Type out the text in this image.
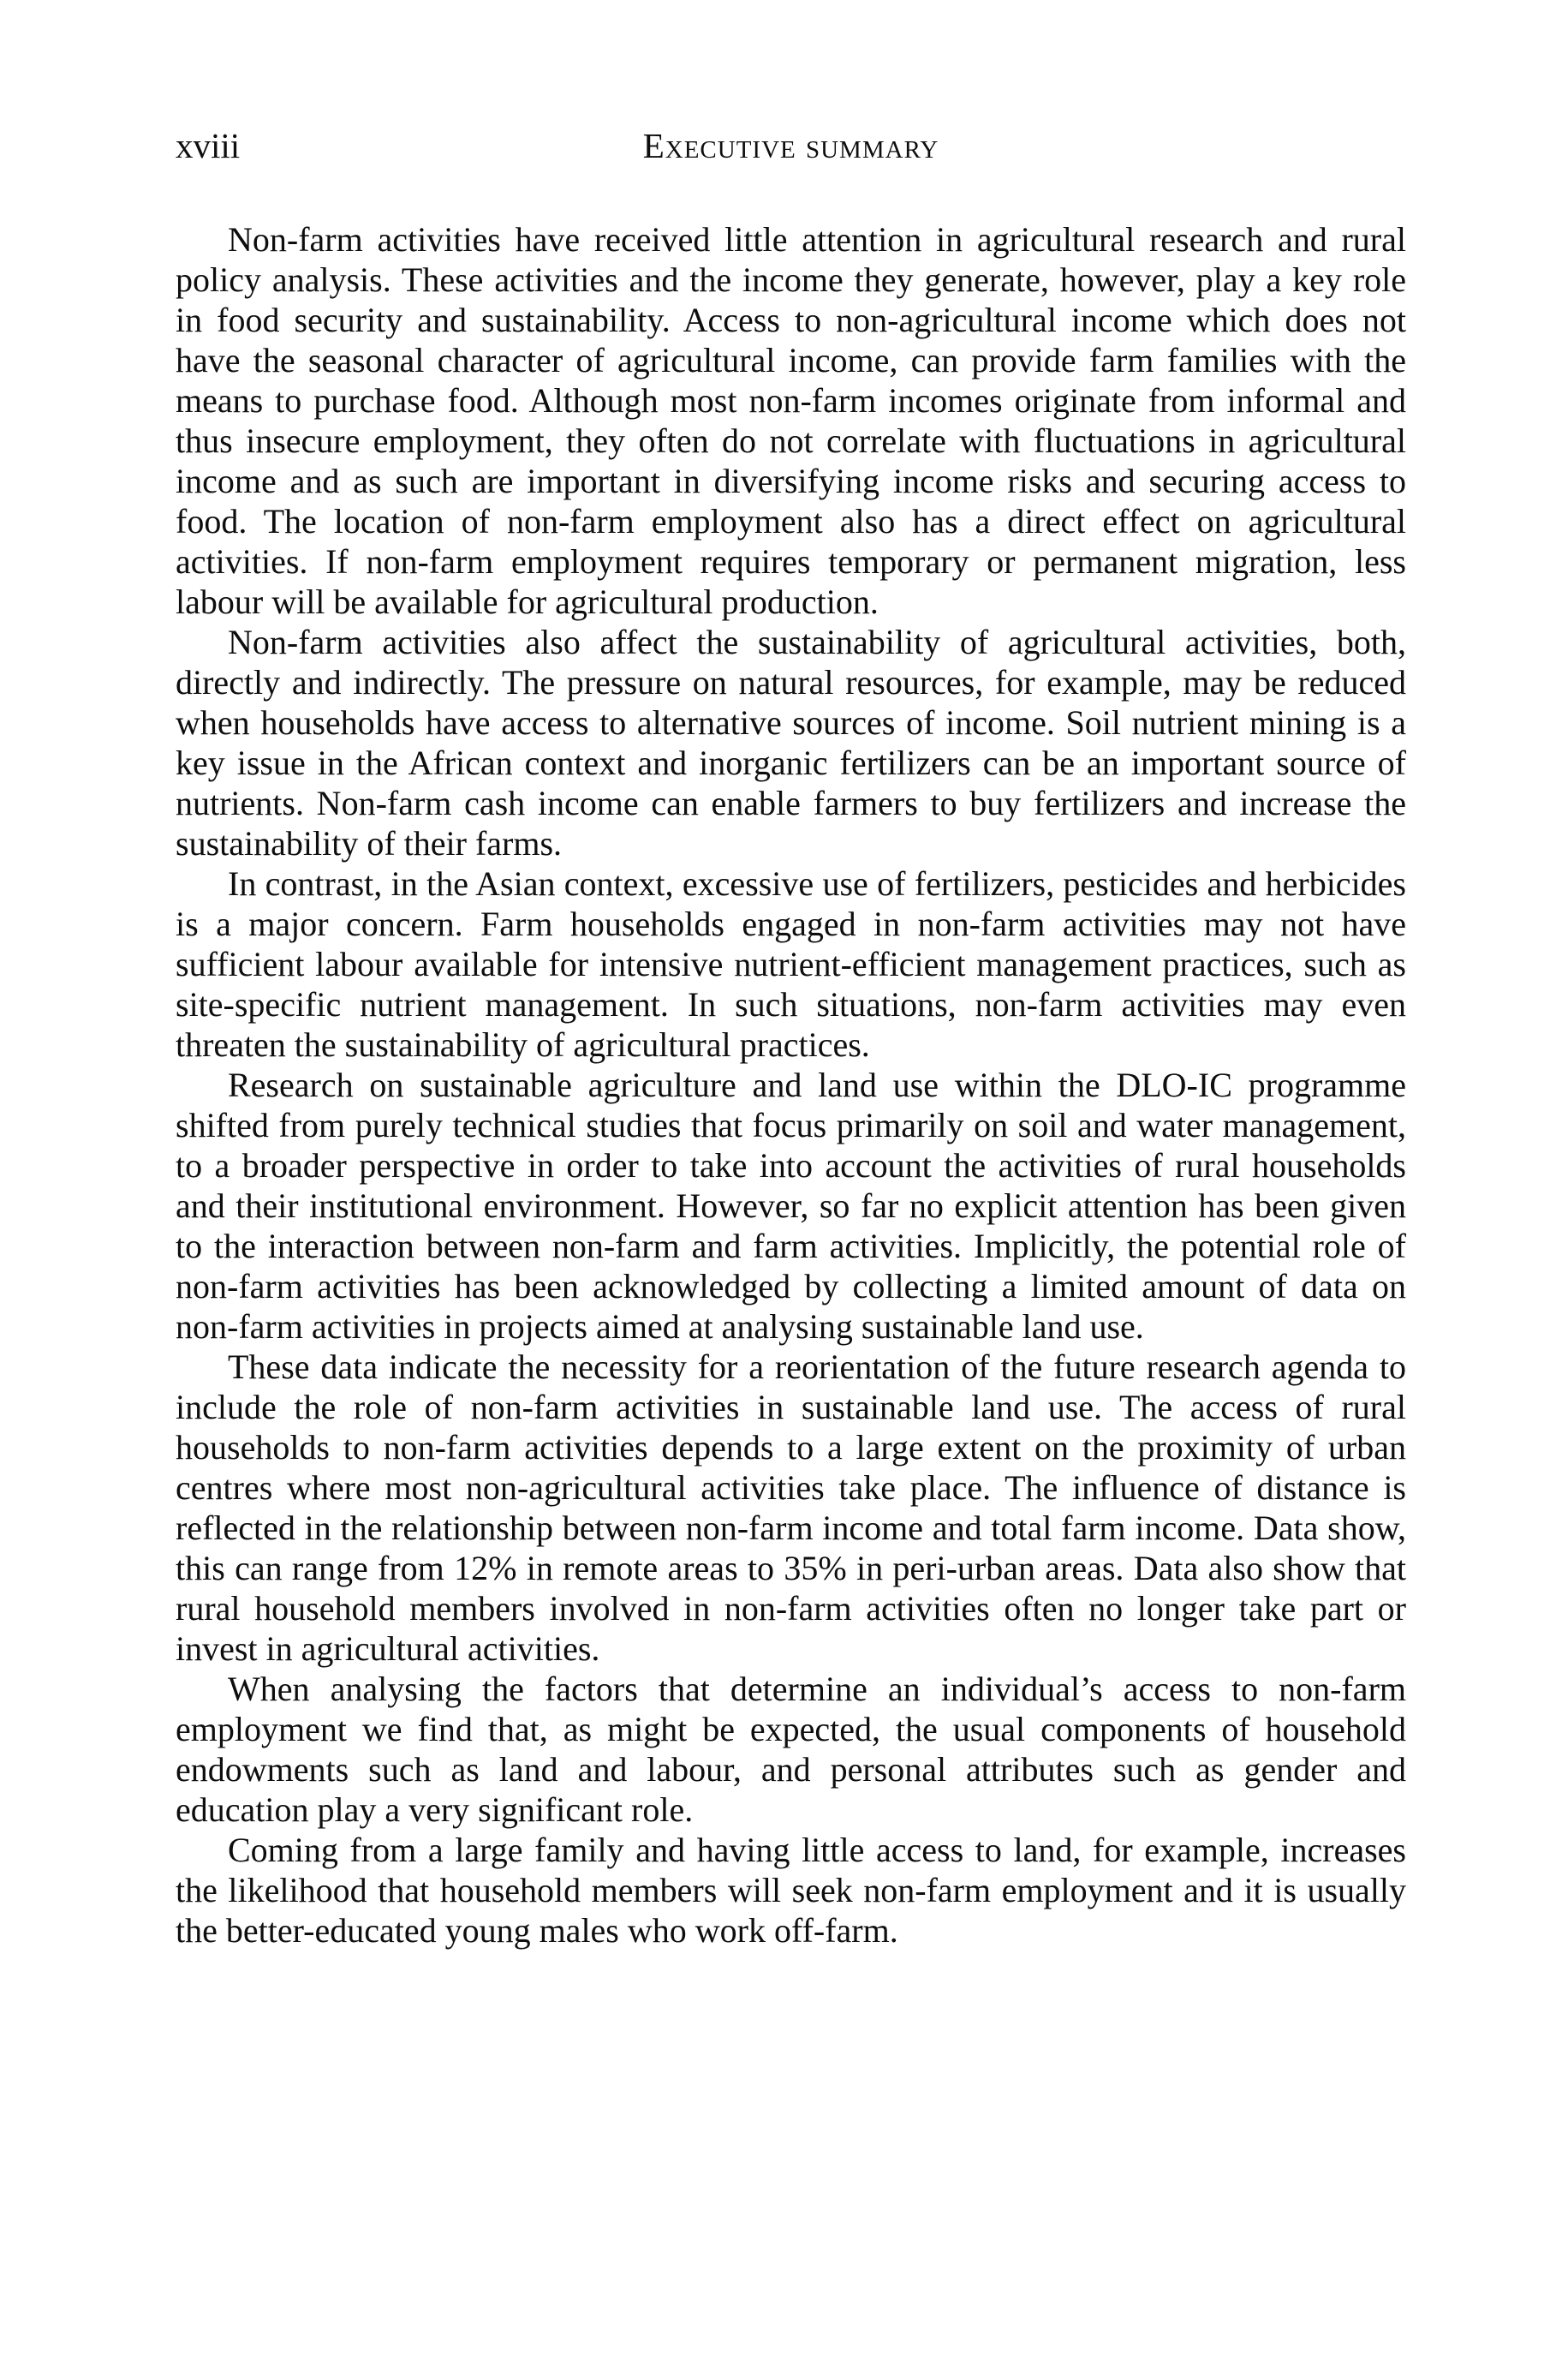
xviii	Executive summary

Non-farm activities have received little attention in agricultural research and rural policy analysis. These activities and the income they generate, however, play a key role in food security and sustainability. Access to non-agricultural income which does not have the seasonal character of agricultural income, can provide farm families with the means to purchase food. Although most non-farm incomes originate from informal and thus insecure employment, they often do not correlate with fluctuations in agricultural income and as such are important in diversifying income risks and securing access to food. The location of non-farm employment also has a direct effect on agricultural activities. If non-farm employment requires temporary or permanent migration, less labour will be available for agricultural production.

Non-farm activities also affect the sustainability of agricultural activities, both, directly and indirectly. The pressure on natural resources, for example, may be reduced when households have access to alternative sources of income. Soil nutrient mining is a key issue in the African context and inorganic fertilizers can be an important source of nutrients. Non-farm cash income can enable farmers to buy fertilizers and increase the sustainability of their farms.

In contrast, in the Asian context, excessive use of fertilizers, pesticides and herbicides is a major concern. Farm households engaged in non-farm activities may not have sufficient labour available for intensive nutrient-efficient management practices, such as site-specific nutrient management. In such situations, non-farm activities may even threaten the sustainability of agricultural practices.

Research on sustainable agriculture and land use within the DLO-IC programme shifted from purely technical studies that focus primarily on soil and water management, to a broader perspective in order to take into account the activities of rural households and their institutional environment. However, so far no explicit attention has been given to the interaction between non-farm and farm activities. Implicitly, the potential role of non-farm activities has been acknowledged by collecting a limited amount of data on non-farm activities in projects aimed at analysing sustainable land use.

These data indicate the necessity for a reorientation of the future research agenda to include the role of non-farm activities in sustainable land use. The access of rural households to non-farm activities depends to a large extent on the proximity of urban centres where most non-agricultural activities take place. The influence of distance is reflected in the relationship between non-farm income and total farm income. Data show, this can range from 12% in remote areas to 35% in peri-urban areas. Data also show that rural household members involved in non-farm activities often no longer take part or invest in agricultural activities.

When analysing the factors that determine an individual’s access to non-farm employment we find that, as might be expected, the usual components of household endowments such as land and labour, and personal attributes such as gender and education play a very significant role.

Coming from a large family and having little access to land, for example, increases the likelihood that household members will seek non-farm employment and it is usually the better-educated young males who work off-farm.
